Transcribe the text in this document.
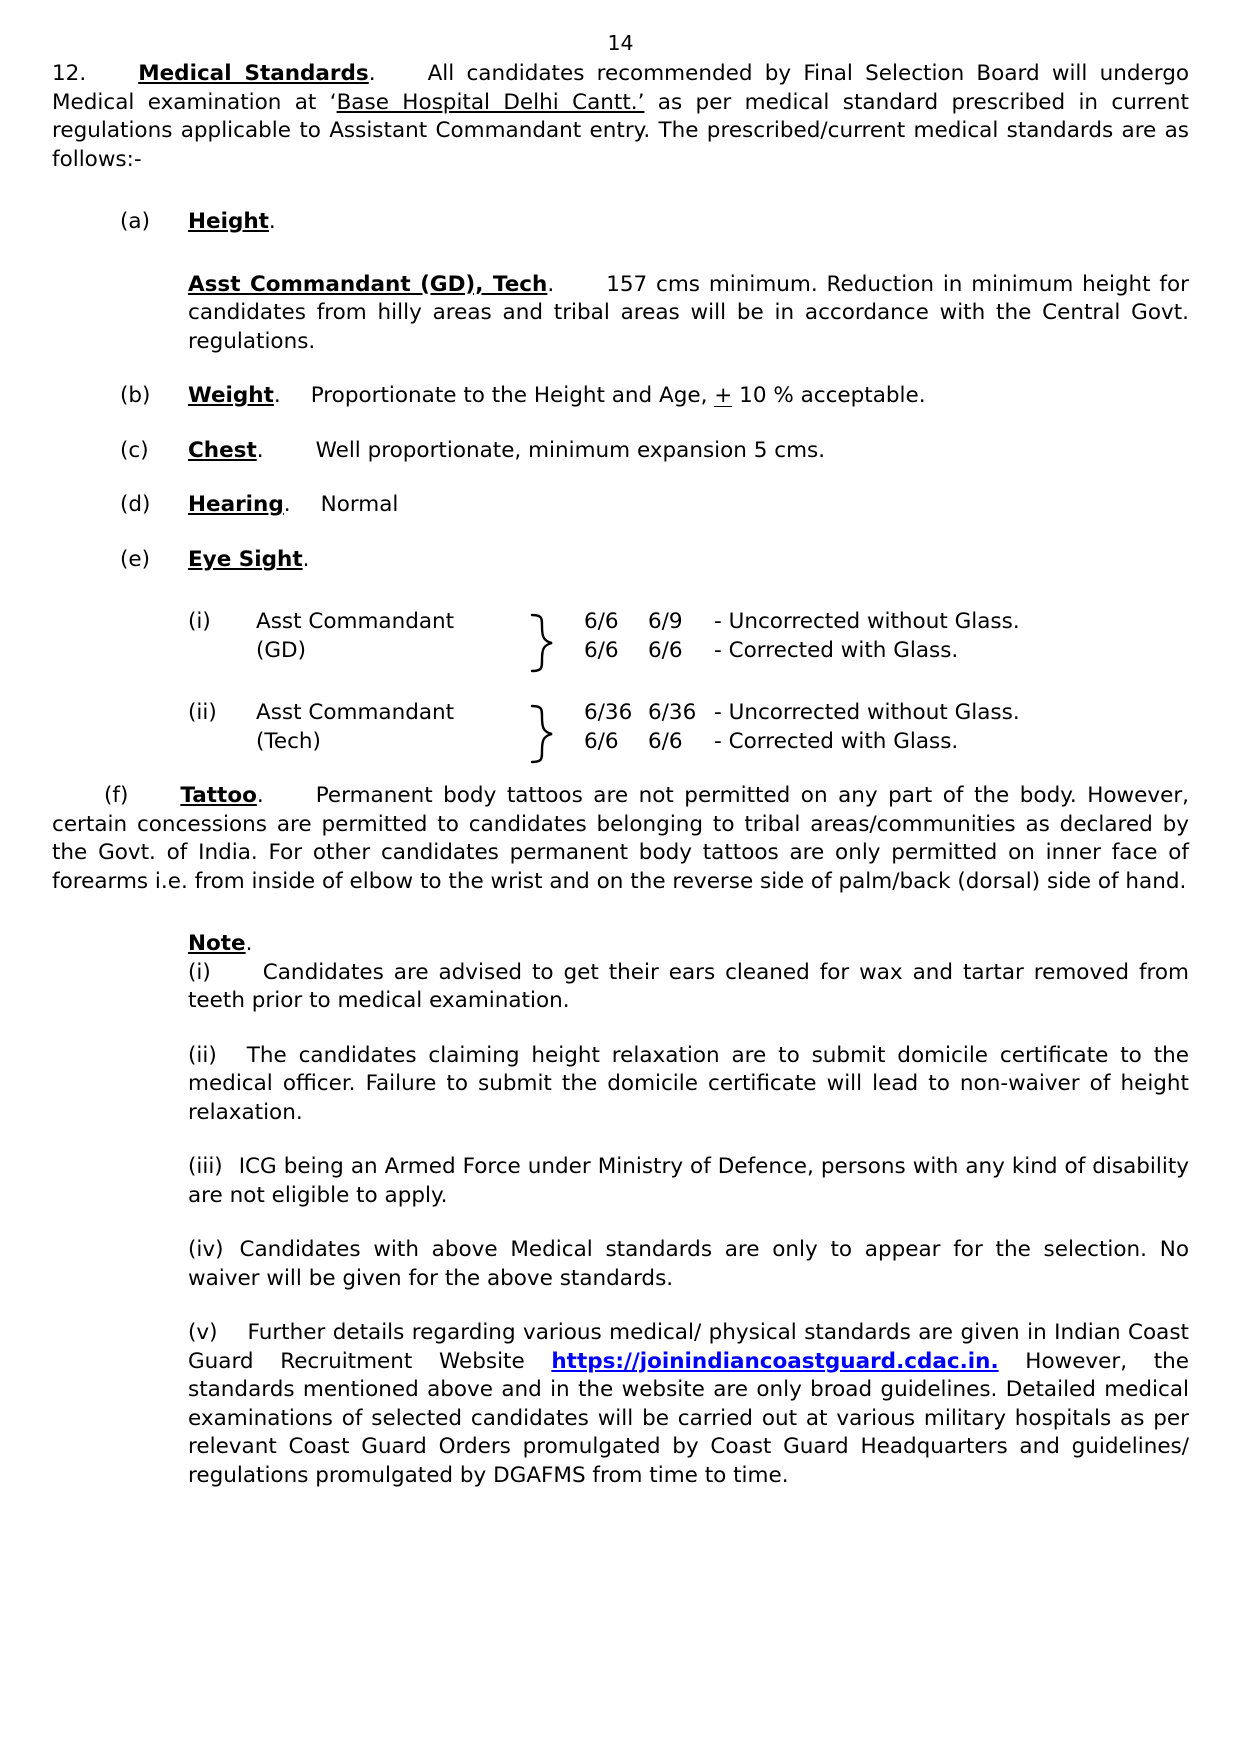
14

12. Medical Standards. All candidates recommended by Final Selection Board will undergo Medical examination at ‘Base Hospital Delhi Cantt.’ as per medical standard prescribed in current regulations applicable to Assistant Commandant entry. The prescribed/current medical standards are as follows:-

(a)	Height.

Asst Commandant (GD), Tech. 157 cms minimum. Reduction in minimum height for candidates from hilly areas and tribal areas will be in accordance with the Central Govt. regulations.

(b)	Weight. Proportionate to the Height and Age, + 10 % acceptable.

(c)	Chest. Well proportionate, minimum expansion 5 cms.

(d)	Hearing. Normal

(e)	Eye Sight.

(i)	Asst Commandant
(GD)
6/6	6/9	- Uncorrected without Glass.
6/6	6/6	- Corrected with Glass.
(ii)	Asst Commandant (Tech)
6/36 6/36 - Uncorrected without Glass.
6/6	6/6	- Corrected with Glass.

(f) Tattoo. Permanent body tattoos are not permitted on any part of the body. However, certain concessions are permitted to candidates belonging to tribal areas/communities as declared by the Govt. of India. For other candidates permanent body tattoos are only permitted on inner face of forearms i.e. from inside of elbow to the wrist and on the reverse side of palm/back (dorsal) side of hand.

Note.

(i) Candidates are advised to get their ears cleaned for wax and tartar removed from teeth prior to medical examination.

(ii) The candidates claiming height relaxation are to submit domicile certificate to the medical officer. Failure to submit the domicile certificate will lead to non-waiver of height relaxation.

(iii) ICG being an Armed Force under Ministry of Defence, persons with any kind of disability are not eligible to apply.

(iv) Candidates with above Medical standards are only to appear for the selection. No waiver will be given for the above standards.

(v) Further details regarding various medical/ physical standards are given in Indian Coast Guard Recruitment Website https://joinindiancoastguard.cdac.in. However, the standards mentioned above and in the website are only broad guidelines. Detailed medical examinations of selected candidates will be carried out at various military hospitals as per relevant Coast Guard Orders promulgated by Coast Guard Headquarters and guidelines/ regulations promulgated by DGAFMS from time to time.
